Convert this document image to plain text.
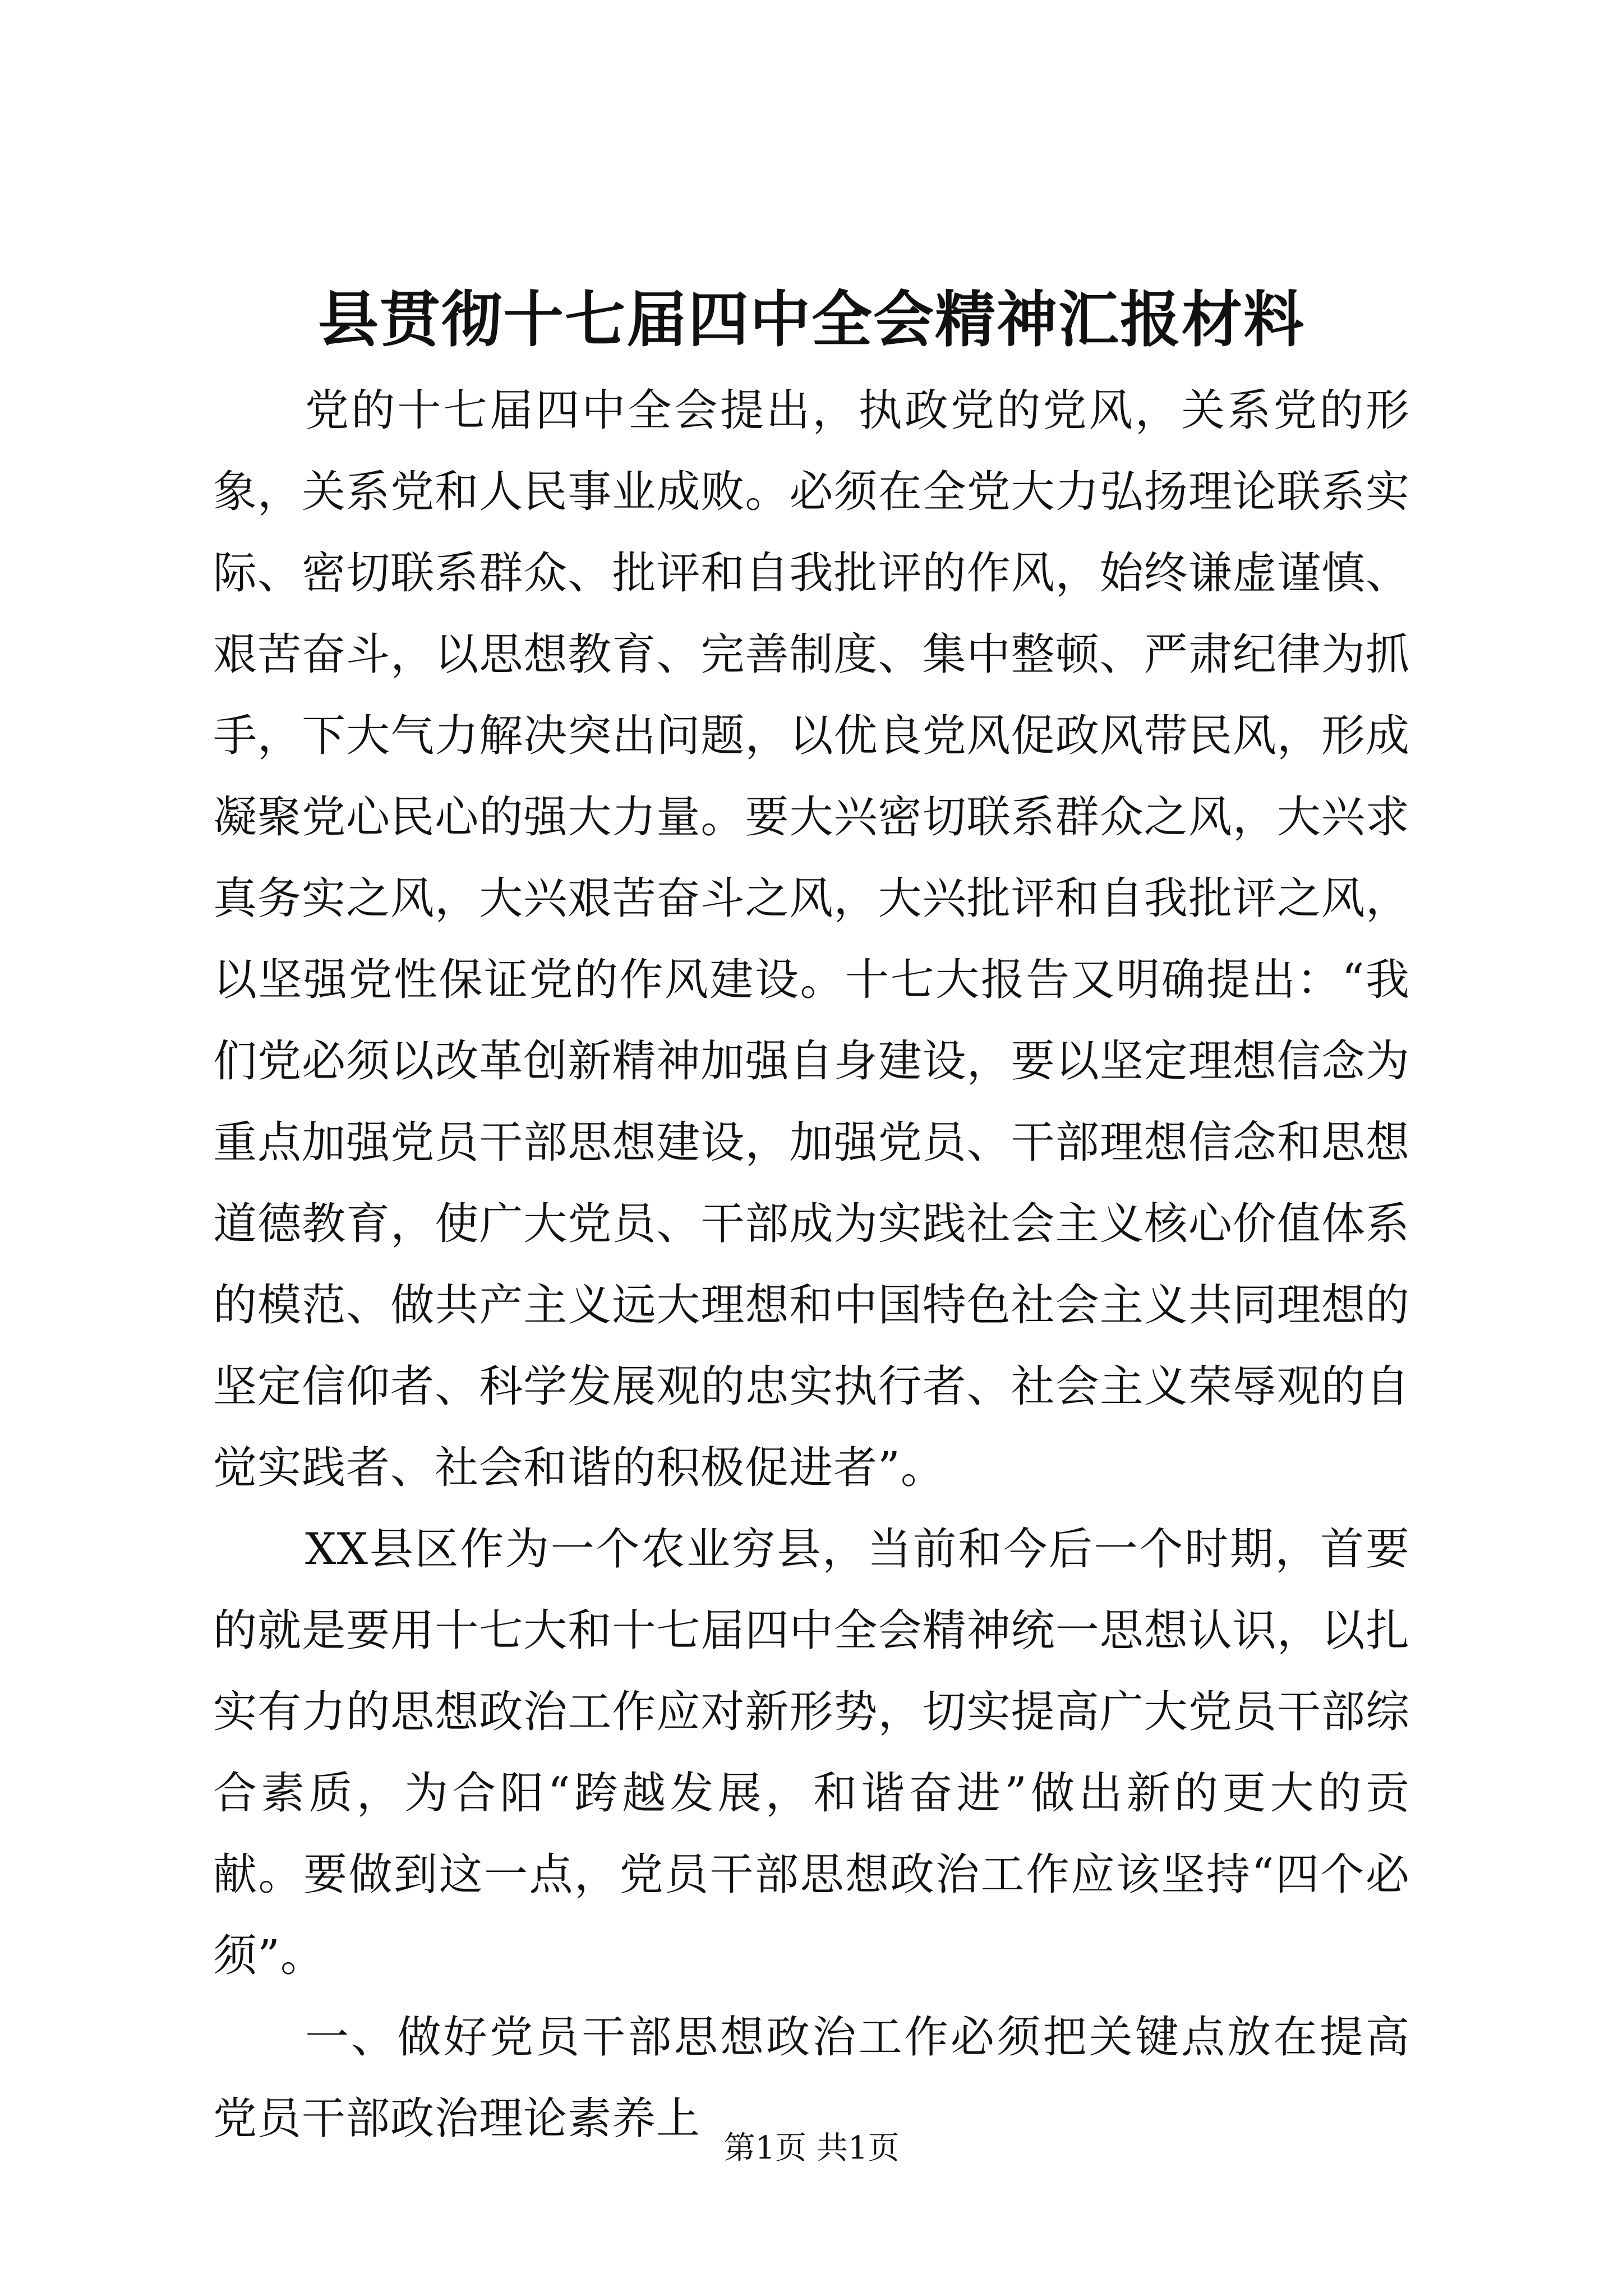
县贯彻十七届四中全会精神汇报材料

党的十七届四中全会提出，执政党的党风，关系党的形象，关系党和人民事业成败。必须在全党大力弘扬理论联系实际、密切联系群众、批评和自我批评的作风，始终谦虚谨慎、艰苦奋斗，以思想教育、完善制度、集中整顿、严肃纪律为抓手，下大气力解决突出问题，以优良党风促政风带民风，形成凝聚党心民心的强大力量。要大兴密切联系群众之风，大兴求真务实之风，大兴艰苦奋斗之风，大兴批评和自我批评之风，以坚强党性保证党的作风建设。十七大报告又明确提出：“我们党必须以改革创新精神加强自身建设，要以坚定理想信念为重点加强党员干部思想建设，加强党员、干部理想信念和思想道德教育，使广大党员、干部成为实践社会主义核心价值体系的模范、做共产主义远大理想和中国特色社会主义共同理想的坚定信仰者、科学发展观的忠实执行者、社会主义荣辱观的自觉实践者、社会和谐的积极促进者”。

XX县区作为一个农业穷县，当前和今后一个时期，首要的就是要用十七大和十七届四中全会精神统一思想认识，以扎实有力的思想政治工作应对新形势，切实提高广大党员干部综合素质，为合阳“跨越发展，和谐奋进”做出新的更大的贡献。要做到这一点，党员干部思想政治工作应该坚持“四个必须”。

一、做好党员干部思想政治工作必须把关键点放在提高党员干部政治理论素养上

第1页 共1页
